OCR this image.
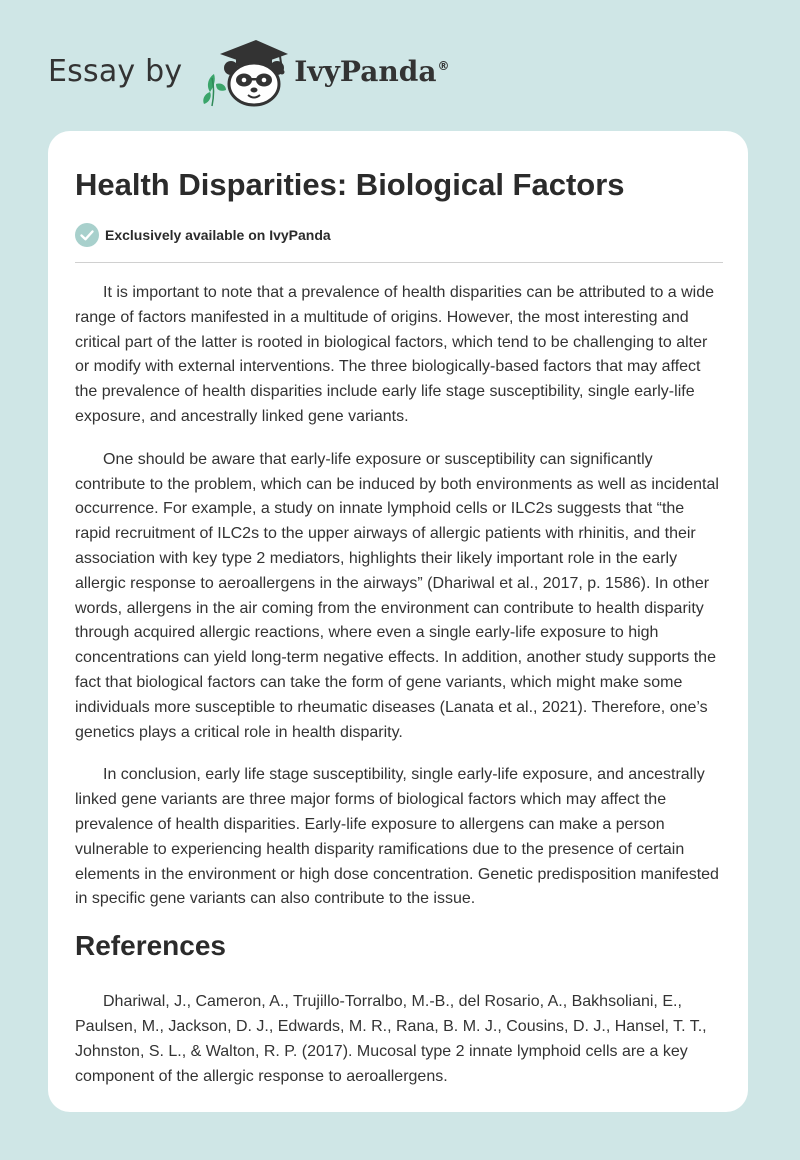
Essay by	IvyPanda®
Health Disparities: Biological Factors
Exclusively available on IvyPanda

It is important to note that a prevalence of health disparities can be attributed to a wide range of factors manifested in a multitude of origins. However, the most interesting and critical part of the latter is rooted in biological factors, which tend to be challenging to alter or modify with external interventions. The three biologically-based factors that may affect the prevalence of health disparities include early life stage susceptibility, single early-life exposure, and ancestrally linked gene variants.

One should be aware that early-life exposure or susceptibility can significantly contribute to the problem, which can be induced by both environments as well as incidental occurrence. For example, a study on innate lymphoid cells or ILC2s suggests that “the rapid recruitment of ILC2s to the upper airways of allergic patients with rhinitis, and their association with key type 2 mediators, highlights their likely important role in the early allergic response to aeroallergens in the airways” (Dhariwal et al., 2017, p. 1586). In other words, allergens in the air coming from the environment can contribute to health disparity through acquired allergic reactions, where even a single early-life exposure to high concentrations can yield long-term negative effects. In addition, another study supports the fact that biological factors can take the form of gene variants, which might make some individuals more susceptible to rheumatic diseases (Lanata et al., 2021). Therefore, one’s genetics plays a critical role in health disparity.

In conclusion, early life stage susceptibility, single early-life exposure, and ancestrally linked gene variants are three major forms of biological factors which may affect the prevalence of health disparities. Early-life exposure to allergens can make a person vulnerable to experiencing health disparity ramifications due to the presence of certain elements in the environment or high dose concentration. Genetic predisposition manifested in specific gene variants can also contribute to the issue.

References

Dhariwal, J., Cameron, A., Trujillo-Torralbo, M.-B., del Rosario, A., Bakhsoliani, E., Paulsen, M., Jackson, D. J., Edwards, M. R., Rana, B. M. J., Cousins, D. J., Hansel, T. T., Johnston, S. L., & Walton, R. P. (2017). Mucosal type 2 innate lymphoid cells are a key component of the allergic response to aeroallergens.
